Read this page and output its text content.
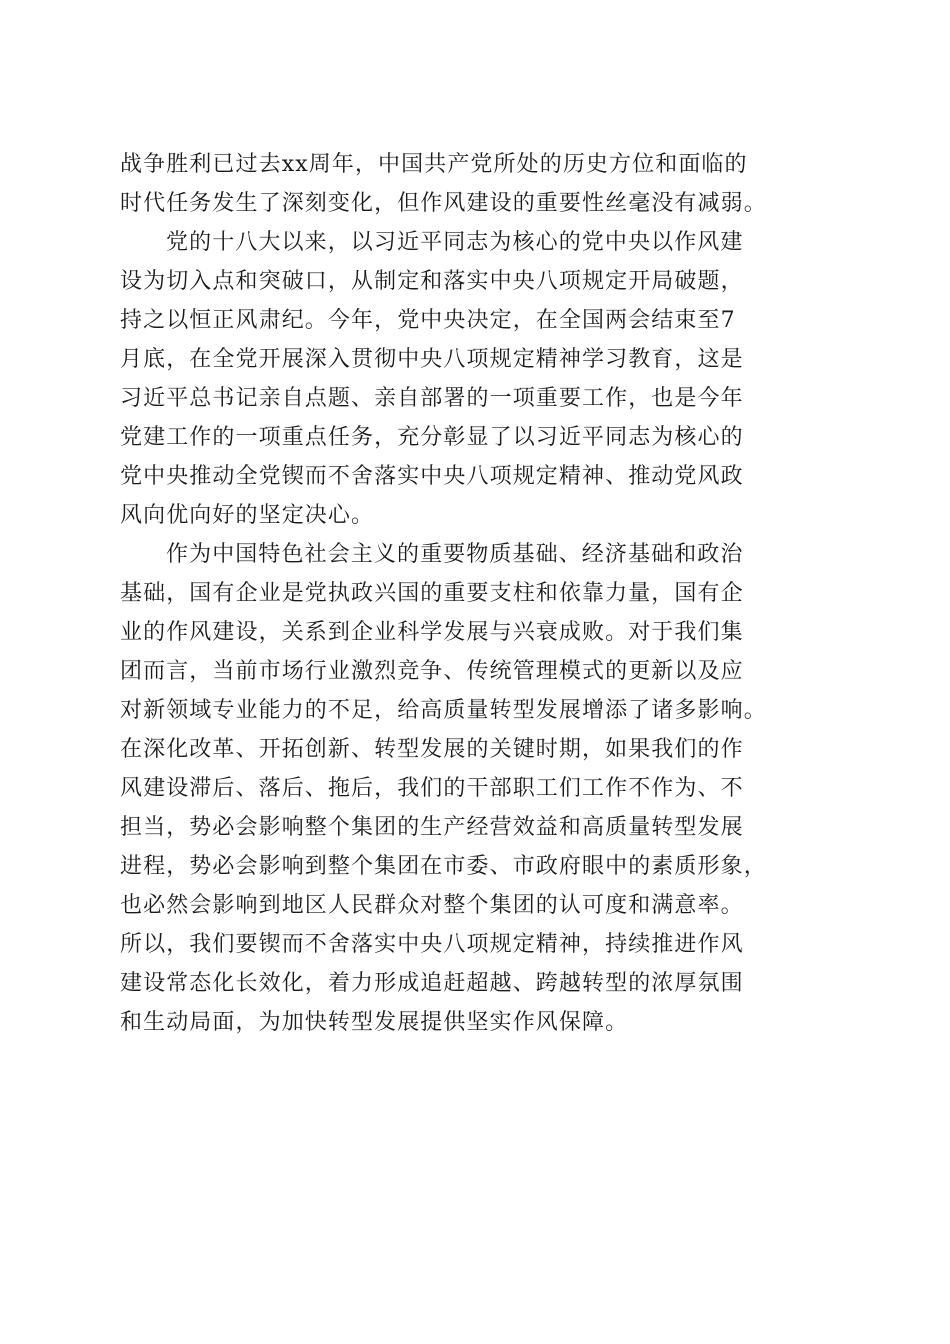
战争胜利已过去xx周年，中国共产党所处的历史方位和面临的
时代任务发生了深刻变化，但作风建设的重要性丝毫没有减弱。
党的十八大以来，以习近平同志为核心的党中央以作风建
设为切入点和突破口，从制定和落实中央八项规定开局破题，
持之以恒正风肃纪。今年，党中央决定，在全国两会结束至7
月底，在全党开展深入贯彻中央八项规定精神学习教育，这是
习近平总书记亲自点题、亲自部署的一项重要工作，也是今年
党建工作的一项重点任务，充分彰显了以习近平同志为核心的
党中央推动全党锲而不舍落实中央八项规定精神、推动党风政
风向优向好的坚定决心。
作为中国特色社会主义的重要物质基础、经济基础和政治
基础，国有企业是党执政兴国的重要支柱和依靠力量，国有企
业的作风建设，关系到企业科学发展与兴衰成败。对于我们集
团而言，当前市场行业激烈竞争、传统管理模式的更新以及应
对新领域专业能力的不足，给高质量转型发展增添了诸多影响。
在深化改革、开拓创新、转型发展的关键时期，如果我们的作
风建设滞后、落后、拖后，我们的干部职工们工作不作为、不
担当，势必会影响整个集团的生产经营效益和高质量转型发展
进程，势必会影响到整个集团在市委、市政府眼中的素质形象，
也必然会影响到地区人民群众对整个集团的认可度和满意率。
所以，我们要锲而不舍落实中央八项规定精神，持续推进作风
建设常态化长效化，着力形成追赶超越、跨越转型的浓厚氛围
和生动局面，为加快转型发展提供坚实作风保障。
